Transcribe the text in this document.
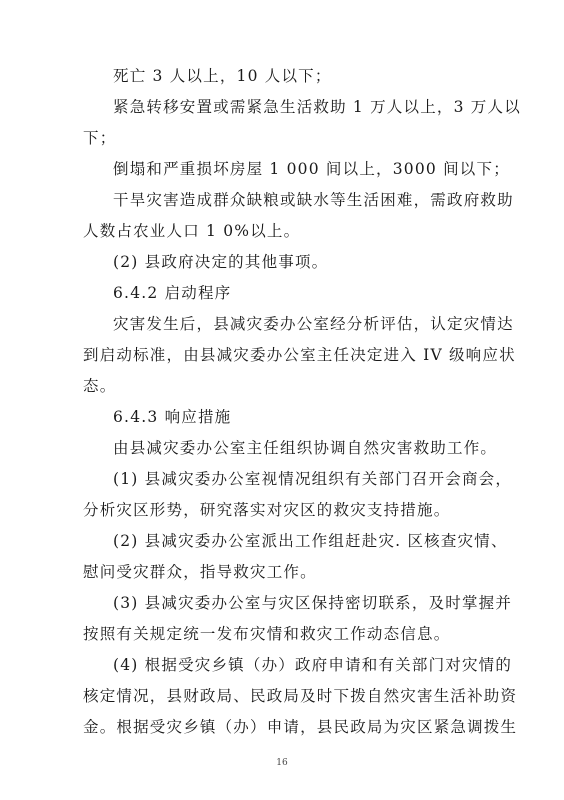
死亡 3 人以上，10 人以下；
紧急转移安置或需紧急生活救助 1 万人以上，3 万人以
下；
倒塌和严重损坏房屋 1 000 间以上，3000 间以下；
干旱灾害造成群众缺粮或缺水等生活困难，需政府救助
人数占农业人口 1 0%以上。
(2) 县政府决定的其他事项。
6.4.2 启动程序
灾害发生后，县减灾委办公室经分析评估，认定灾情达
到启动标准，由县减灾委办公室主任决定进入 IV 级响应状
态。
6.4.3 响应措施
由县减灾委办公室主任组织协调自然灾害救助工作。
(1) 县减灾委办公室视情况组织有关部门召开会商会，
分析灾区形势，研究落实对灾区的救灾支持措施。
(2) 县减灾委办公室派出工作组赶赴灾. 区核查灾情、
慰问受灾群众，指导救灾工作。
(3) 县减灾委办公室与灾区保持密切联系，及时掌握并
按照有关规定统一发布灾情和救灾工作动态信息。
(4) 根据受灾乡镇（办）政府申请和有关部门对灾情的
核定情况，县财政局、民政局及时下拨自然灾害生活补助资
金。根据受灾乡镇（办）申请，县民政局为灾区紧急调拨生
16
